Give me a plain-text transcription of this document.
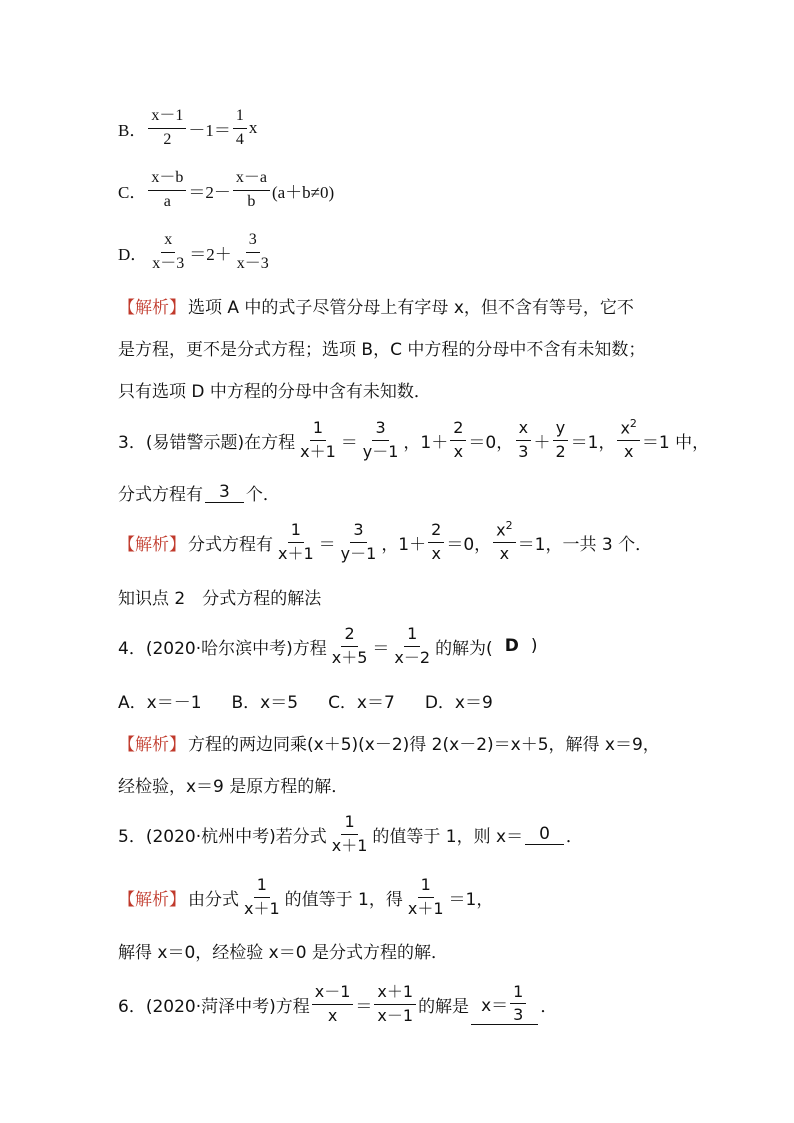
B． $\frac{x-1}{2} -1= \frac{1}{4}$ x
C． $\frac{x-b}{a} =2- \frac{x-a}{b} (a+b\ne 0)$
D． $\frac{x}{x-3} =2+ \frac{3}{x-3}$
【解析】 选项 A 中的式子尽管分母上有字母 x，但不含有等号，它不
是方程，更不是分式方程；选项 B，C 中方程的分母中不含有未知数；
只有选项 D 中方程的分母中含有未知数．
3．(易错警示题)在方程 $\frac{1}{x+1} = \frac{3}{y-1}$ ，$1+ \frac{2}{x} =0$， $\frac{x}{3} + \frac{y}{2} =1$， $\frac{x^2}{x} =1$ 中，
分式方程有 3 个．
【解析】 分式方程有 $\frac{1}{x+1} = \frac{3}{y-1}$ ，$1+ \frac{2}{x} =0$， $\frac{x^2}{x} =1$，一共 3 个．
知识点 2　分式方程的解法
4．(2020·哈尔滨中考)方程 $\frac{2}{x+5} = \frac{1}{x-2}$ 的解为( D )
A．x＝－1 B．x＝5 C．x＝7 D．x＝9
【解析】 方程的两边同乘(x＋5)(x－2)得 2(x－2)＝x＋5，解得 x＝9，
经检验，x＝9 是原方程的解．
5．(2020·杭州中考)若分式 $\frac{1}{x+1}$ 的值等于 1，则 x＝ 0 ．
【解析】 由分式 $\frac{1}{x+1}$ 的值等于 1，得 $\frac{1}{x+1} =1$，
解得 x＝0，经检验 x＝0 是分式方程的解．
6．(2020·菏泽中考)方程 $\frac{x-1}{x} = \frac{x+1}{x-1}$ 的解是 $x= \frac{1}{3}$ ．
